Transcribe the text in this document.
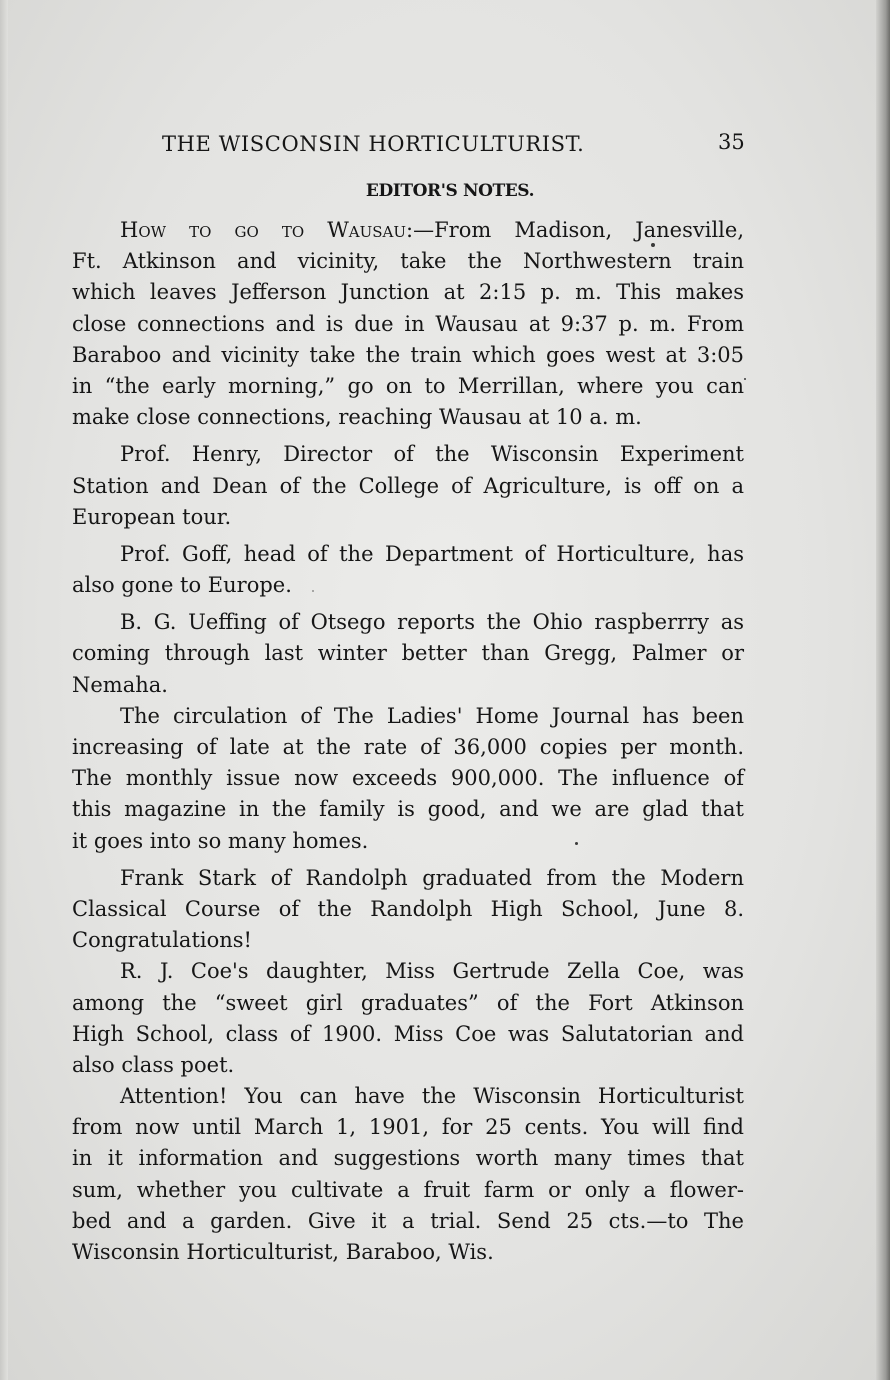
THE WISCONSIN HORTICULTURIST.	35
EDITOR'S NOTES.
How to go to Wausau:—From Madison, Janesville,
Ft. Atkinson and vicinity, take the Northwestern train
which leaves Jefferson Junction at 2:15 p. m. This makes
close connections and is due in Wausau at 9:37 p. m. From
Baraboo and vicinity take the train which goes west at 3:05
in “the early morning,” go on to Merrillan, where you can
make close connections, reaching Wausau at 10 a. m.
Prof. Henry, Director of the Wisconsin Experiment
Station and Dean of the College of Agriculture, is off on a
European tour.
Prof. Goff, head of the Department of Horticulture, has
also gone to Europe.
B. G. Ueffing of Otsego reports the Ohio raspberrry as
coming through last winter better than Gregg, Palmer or
Nemaha.
The circulation of The Ladies' Home Journal has been
increasing of late at the rate of 36,000 copies per month.
The monthly issue now exceeds 900,000. The influence of
this magazine in the family is good, and we are glad that
it goes into so many homes.
Frank Stark of Randolph graduated from the Modern
Classical Course of the Randolph High School, June 8.
Congratulations!
R. J. Coe's daughter, Miss Gertrude Zella Coe, was
among the “sweet girl graduates” of the Fort Atkinson
High School, class of 1900. Miss Coe was Salutatorian and
also class poet.
Attention! You can have the Wisconsin Horticulturist
from now until March 1, 1901, for 25 cents. You will find
in it information and suggestions worth many times that
sum, whether you cultivate a fruit farm or only a flower-
bed and a garden. Give it a trial. Send 25 cts.—to The
Wisconsin Horticulturist, Baraboo, Wis.
